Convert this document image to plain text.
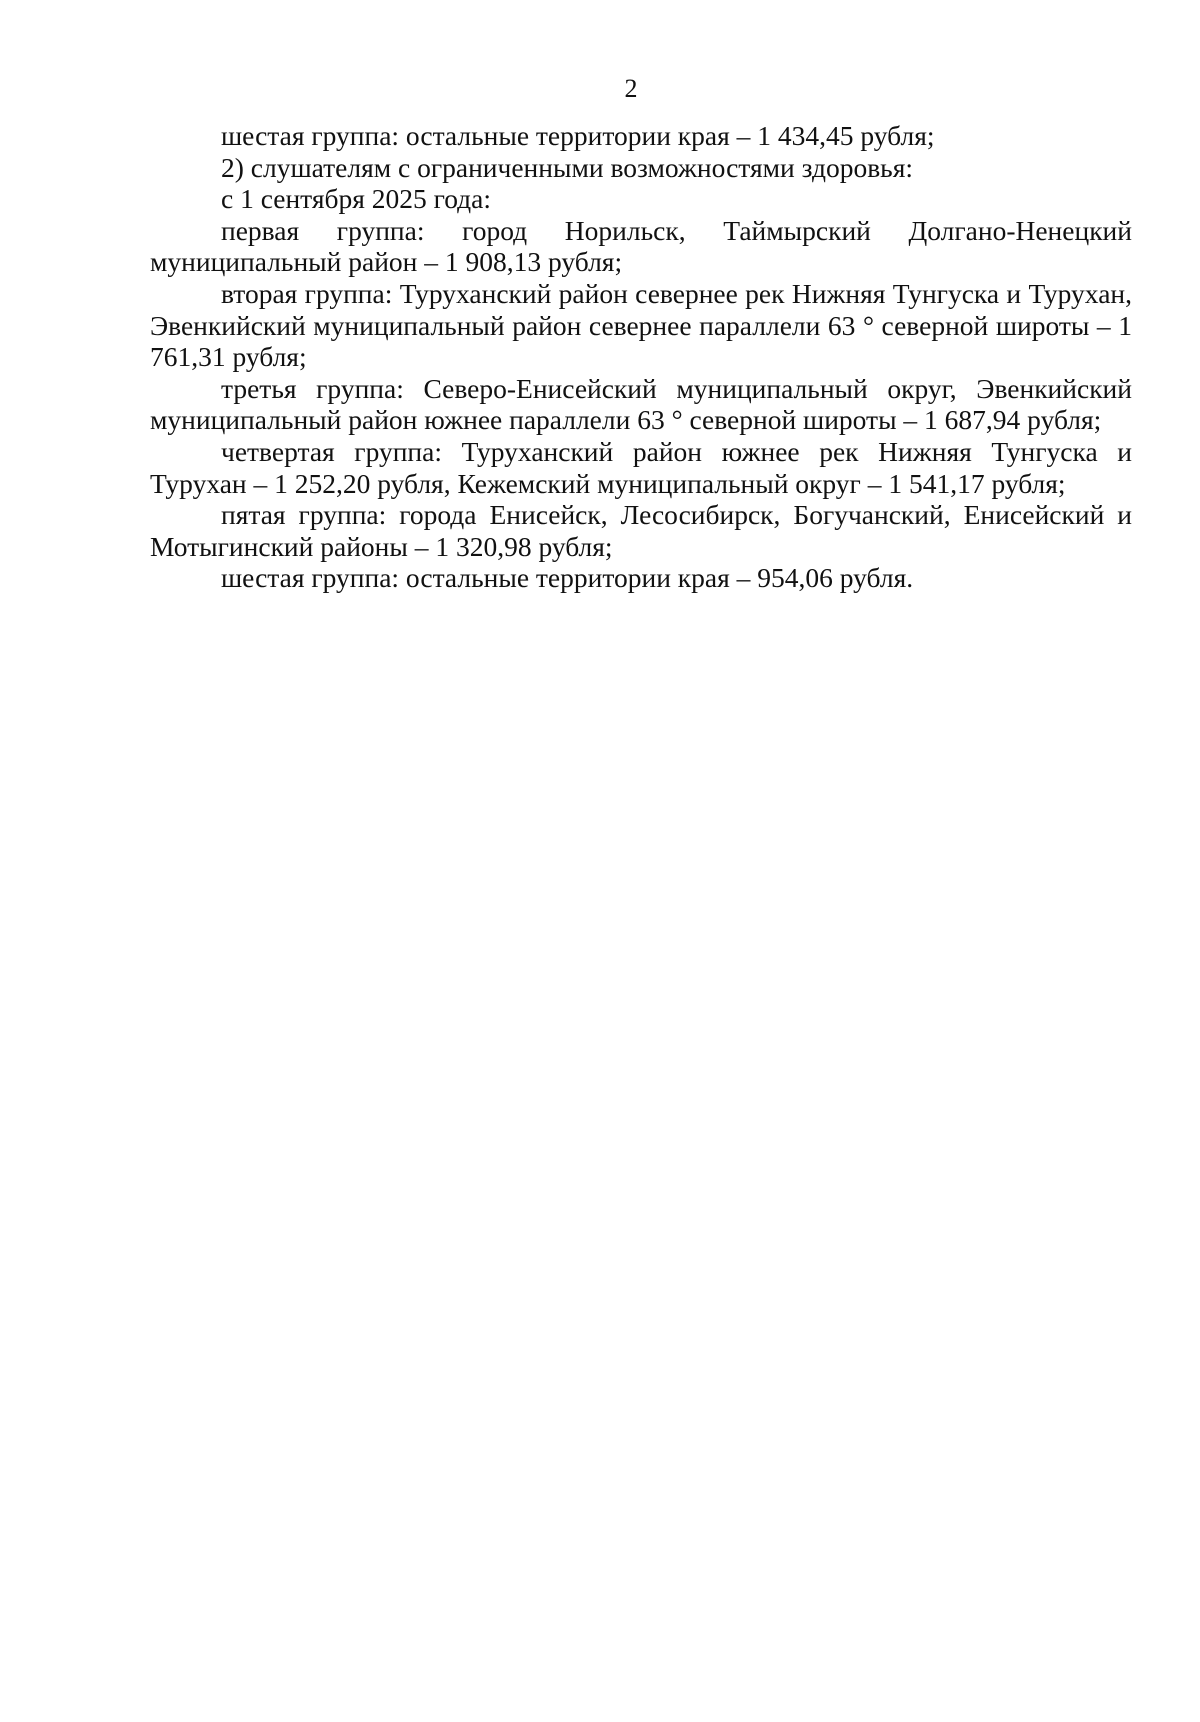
2

шестая группа: остальные территории края – 1 434,45 рубля;

2) слушателям с ограниченными возможностями здоровья:

с 1 сентября 2025 года:

первая группа: город Норильск, Таймырский Долгано-Ненецкий муниципальный район – 1 908,13 рубля;

вторая группа: Туруханский район севернее рек Нижняя Тунгуска и Турухан, Эвенкийский муниципальный район севернее параллели 63 ° северной широты – 1 761,31 рубля;

третья группа: Северо-Енисейский муниципальный округ, Эвенкийский муниципальный район южнее параллели 63 ° северной широты – 1 687,94 рубля;

четвертая группа: Туруханский район южнее рек Нижняя Тунгуска и Турухан – 1 252,20 рубля, Кежемский муниципальный округ – 1 541,17 рубля;

пятая группа: города Енисейск, Лесосибирск, Богучанский, Енисейский и Мотыгинский районы – 1 320,98 рубля;

шестая группа: остальные территории края – 954,06 рубля.
